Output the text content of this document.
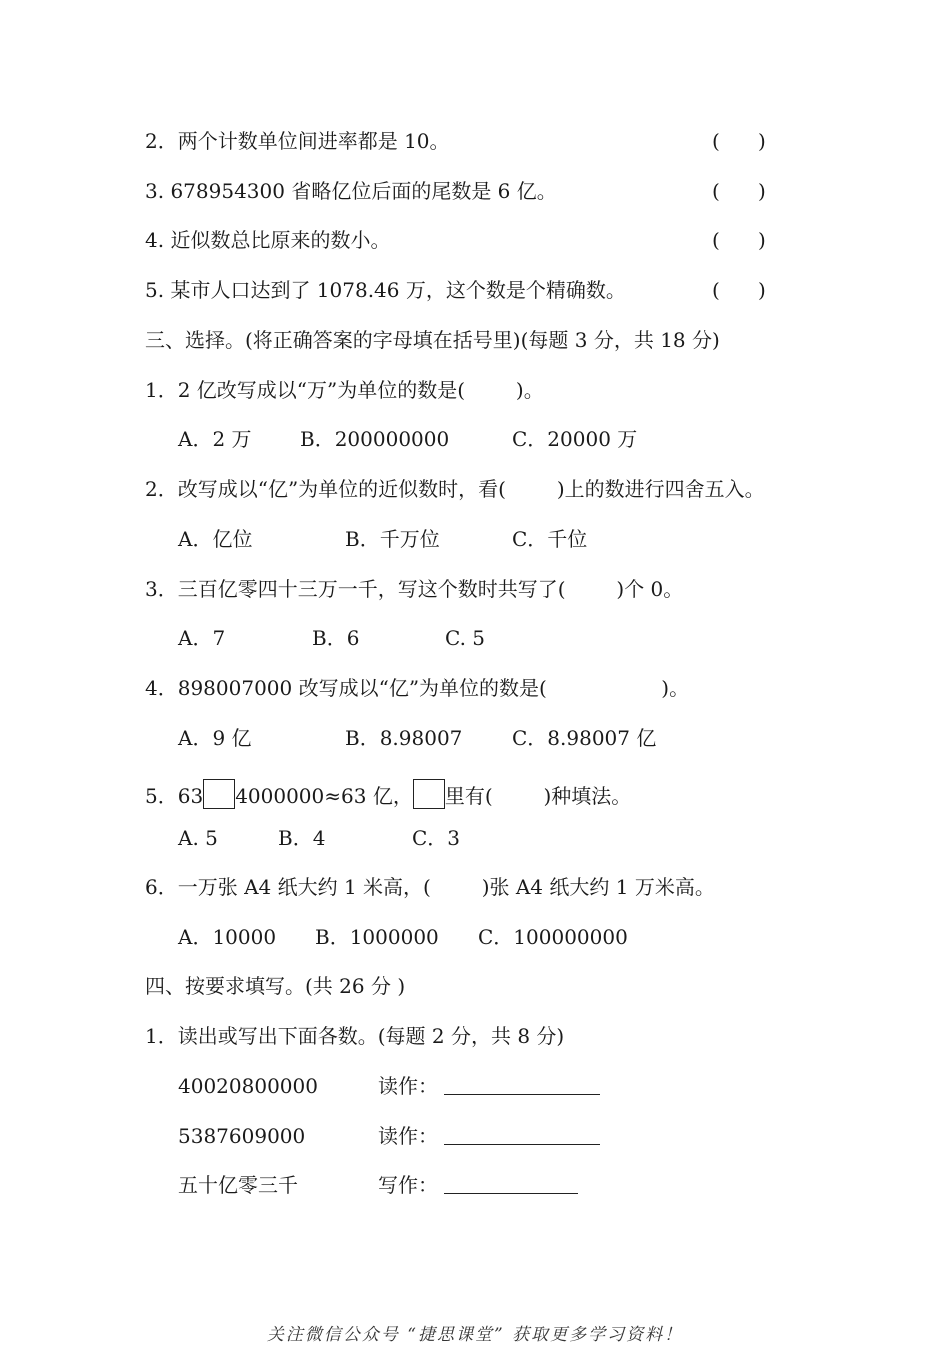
2．两个计数单位间进率都是 10。	(      )
3. 678954300 省略亿位后面的尾数是 6 亿。	(      )
4. 近似数总比原来的数小。	(      )
5. 某市人口达到了 1078.46 万，这个数是个精确数。	(      )
三、选择。(将正确答案的字母填在括号里)(每题 3 分，共 18 分)
1．2 亿改写成以“万”为单位的数是(        )。
A．2 万 B．200000000	C．20000 万
2．改写成以“亿”为单位的近似数时，看(        )上的数进行四舍五入。
A．亿位	B．千万位	C．千位
3．三百亿零四十三万一千，写这个数时共写了(        )个 0。
A．7	B．6	C. 5
4．898007000 改写成以“亿”为单位的数是(                  )。
A．9 亿	B．8.98007 C．8.98007 亿
5．63 4000000≈63 亿， 里有(        )种填法。
A. 5	B．4	C．3
6．一万张 A4 纸大约 1 米高，(        )张 A4 纸大约 1 万米高。
A．10000 B．1000000 C．100000000
四、按要求填写。(共 26 分 )
1．读出或写出下面各数。(每题 2 分，共 8 分)
40020800000	读作：
5387609000	读作：
五十亿零三千	写作：
关注微信公众号 “捷思课堂” 获取更多学习资料！
